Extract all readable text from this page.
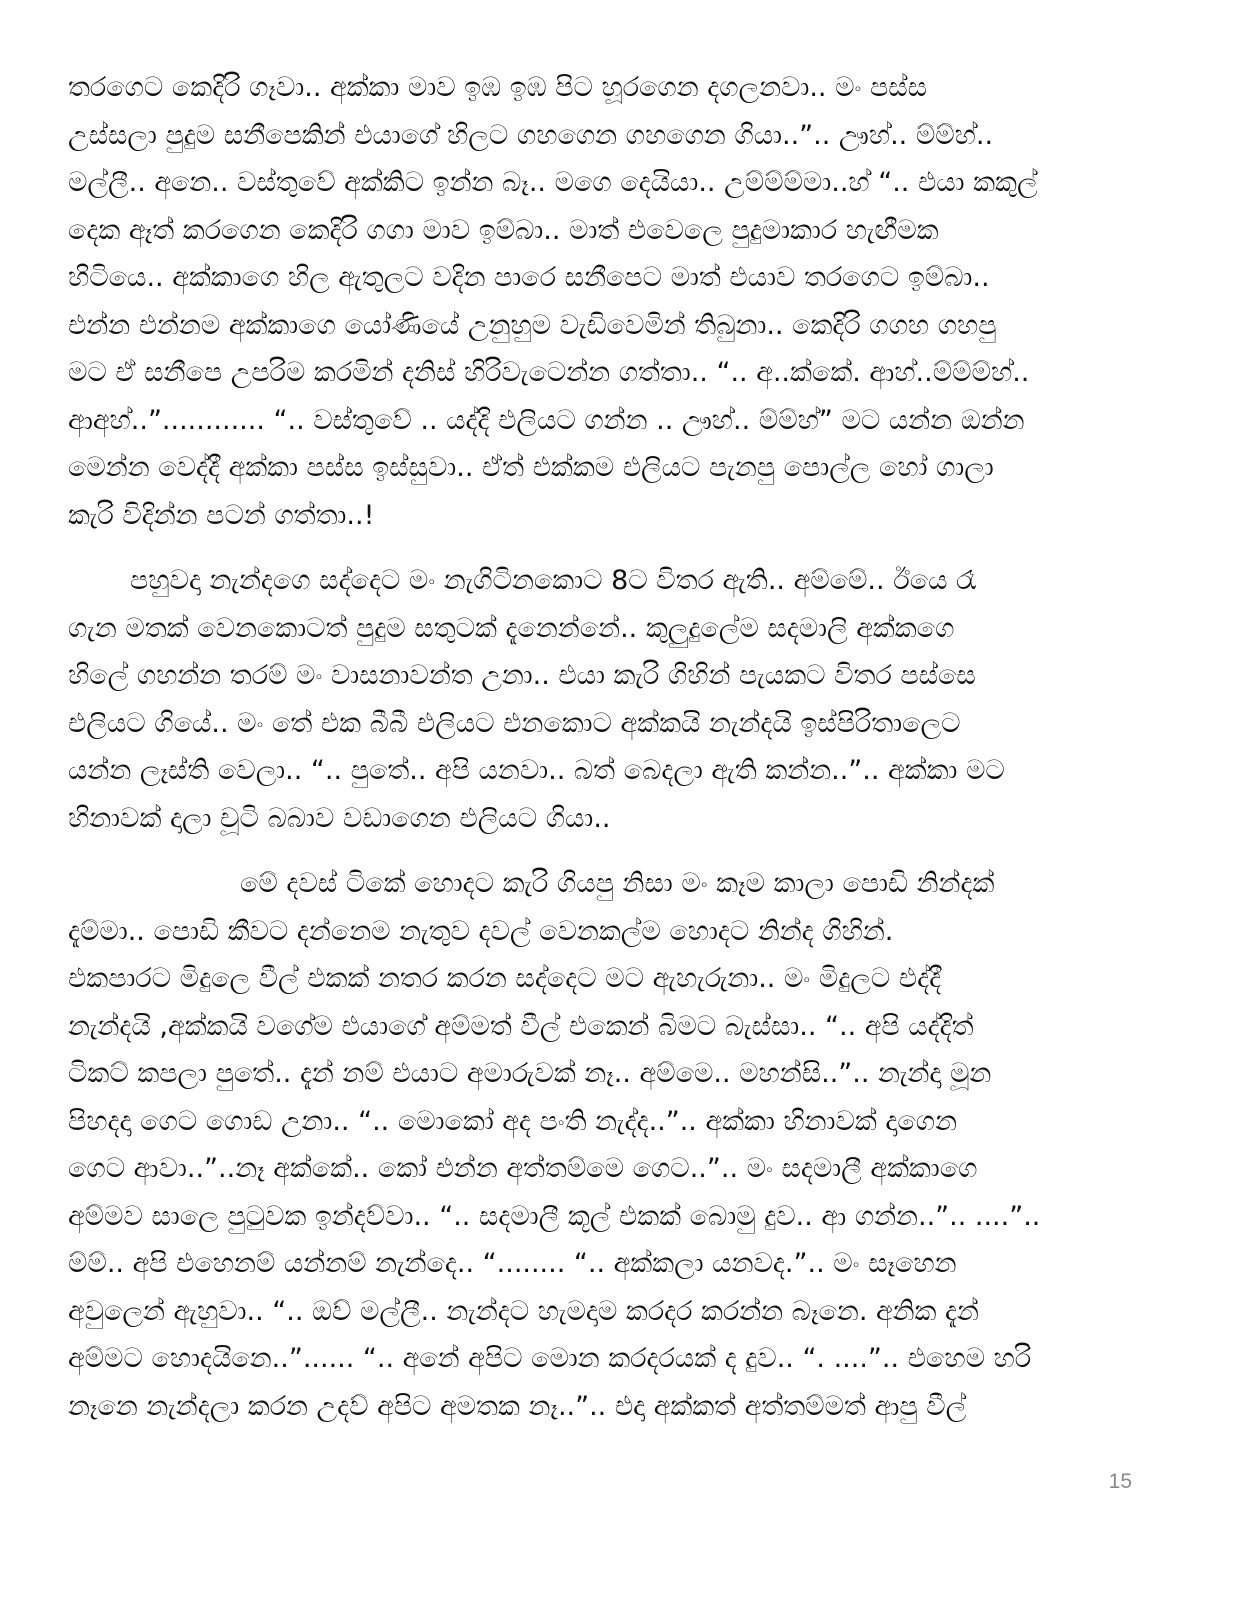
තරගෙට කෙදිරි ගෑවා.. අක්කා මාව ඉඹ ඉඹ පිට හූරගෙන දගලනවා.. මං පස්ස
උස්සලා පුදුම සනීපෙකින් එයාගේ හිලට ගහගෙන ගහගෙන ගියා..”.. ඌහ්.. ම්ම්හ්..
මල්ලී.. අනෙ.. වස්තුවේ අක්කිට ඉන්න බෑ.. මගෙ දෙයියා.. උම්ම්ම්මා..හ් “.. එයා කකුල්
දෙක ඈත් කරගෙන කෙදිරි ගගා මාව ඉම්බා.. මාත් එවෙලෙ පුදුමාකාර හැඟීමක
හිටියෙ.. අක්කාගෙ හිල ඇතුලට වදින පාරෙ සනීපෙට මාත් එයාව තරගෙට ඉම්බා..
එන්න එන්නම අක්කාගෙ යෝණියේ උනුහුම වැඩිවෙමින් තිබුනා.. කෙදිරි ගගහ ගහපු
මට ඒ සනීපෙ උපරිම කරමින් දනිස් හිරිවැටෙන්න ගත්තා.. “.. අ..ක්කේ. ආහ්..ම්ම්ම්හ්..
ආඅහ්..”............ “.. වස්තුවේ .. යද්දි එලියට ගන්න .. ඌහ්.. ම්ම්හ්” මට යන්න ඔන්න
මෙන්න වෙද්දී අක්කා පස්ස ඉස්සුවා.. ඒත් එක්කම එලියට පැනපු පොල්ල හෝ ගාලා
කැරි විදින්න පටන් ගත්තා..!
පහුවදා නැන්දගෙ සද්දෙට මං නැගිටිනකොට 8ට විතර ඇති.. අම්මේ.. ඊයෙ රෑ
ගැන මතක් වෙනකොටත් පුදුම සතුටක් දැනෙන්නේ.. කුලුදුලේම සදමාලි අක්කගෙ
හිලේ ගහන්න තරම් මං වාසනාවන්ත උනා.. එයා කැරි ගිහින් පැයකට විතර පස්සෙ
එලියට ගියේ.. මං තේ එක බීබී එලියට එනකොට අක්කයි නැන්දයි ඉස්පිරිතාලෙට
යන්න ලෑස්ති වෙලා.. “.. පුතේ.. අපි යනවා.. බත් බෙදලා ඇති කන්න..”.. අක්කා මට
හිනාවක් දාලා චූටි බබාව වඩාගෙන එලියට ගියා..
මේ දවස් ටිකේ හොදට කැරි ගියපු නිසා මං කෑම කාලා පොඩි නින්දක්
දැම්මා.. පොඩි කීවට දන්නෙම නැතුව දවල් වෙනකල්ම හොදට නින්ද ගිහින්.
එකපාරට මිදුලෙ වීල් එකක් නතර කරන සද්දෙට මට ඇහැරුනා.. මං මිදුලට එද්දී
නැන්දයි ,අක්කයි වගේම එයාගේ අම්මත් වීල් එකෙන් බිමට බැස්සා.. “.. අපි යද්දිත්
ටිකට් කපලා පුතේ.. දැන් නම් එයාට අමාරුවක් නෑ.. අම්මෙ.. මහන්සි..”.. නැන්දා මූන
පිහදදා ගෙට ගොඩ උනා.. “.. මොකෝ අද පංති නැද්ද..”.. අක්කා හිනාවක් දාගෙන
ගෙට ආවා..”..නෑ අක්කේ.. කෝ එන්න අත්තම්මෙ ගෙට..”.. මං සදමාලී අක්කාගෙ
අම්මව සාලෙ පුටුවක ඉන්දව්වා.. “.. සදමාලී කූල් එකක් බොමු දුව.. ආ ගන්න..”.. ....”..
ම්ම්.. අපි එහෙනම් යන්නම් නැන්දෙ.. “........ “.. අක්කලා යනවද.”.. මං සෑහෙන
අවුලෙන් ඇහුවා.. “.. ඔව් මල්ලී.. නැන්දට හැමදාම කරදර කරන්න බෑනෙ. අනික දැන්
අම්මට හොදයිනෙ..”...... “.. අනේ අපිට මොන කරදරයක් ද දුව.. “. ....”.. එහෙම හරි
නෑනෙ නැන්දලා කරන උදව් අපිට අමතක නෑ..”.. එදා අක්කත් අත්තම්මත් ආපු වීල්
15
